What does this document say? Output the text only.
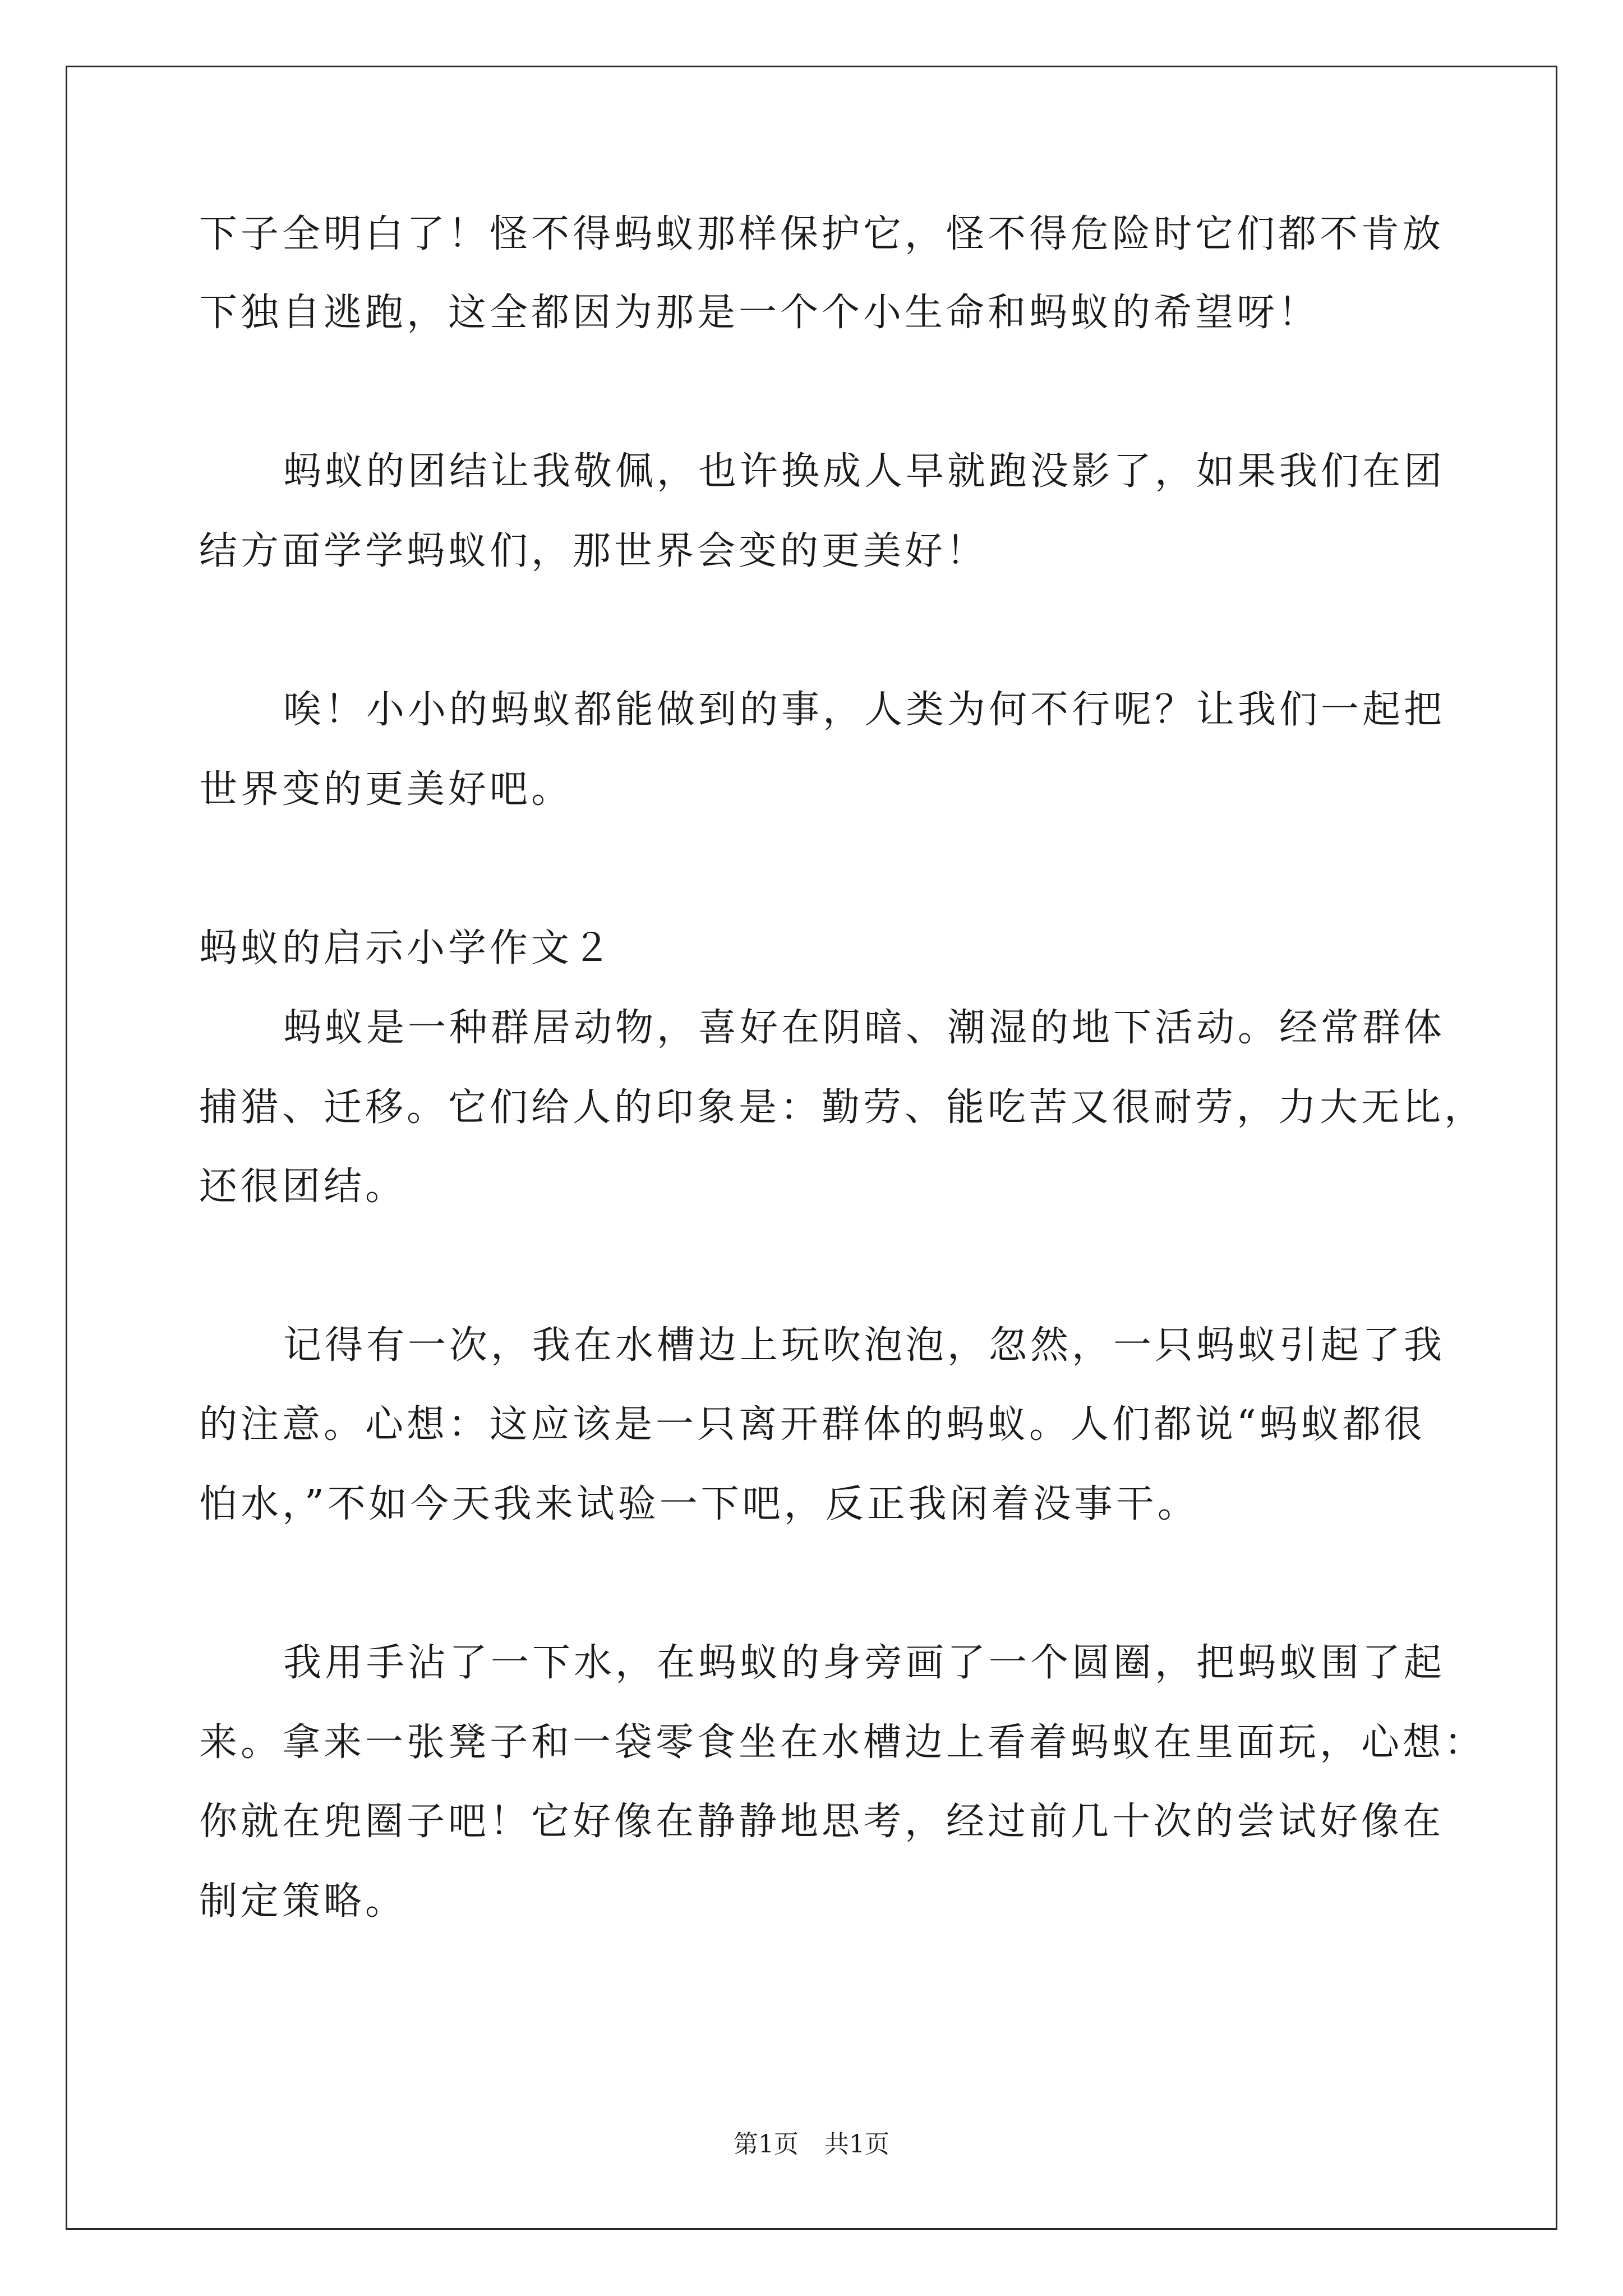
下子全明白了！怪不得蚂蚁那样保护它，怪不得危险时它们都不肯放
下独自逃跑，这全都因为那是一个个小生命和蚂蚁的希望呀！
蚂蚁的团结让我敬佩，也许换成人早就跑没影了，如果我们在团
结方面学学蚂蚁们，那世界会变的更美好！
唉！小小的蚂蚁都能做到的事，人类为何不行呢？让我们一起把
世界变的更美好吧。
蚂蚁的启示小学作文２
蚂蚁是一种群居动物，喜好在阴暗、潮湿的地下活动。经常群体
捕猎、迁移。它们给人的印象是：勤劳、能吃苦又很耐劳，力大无比，
还很团结。
记得有一次，我在水槽边上玩吹泡泡，忽然，一只蚂蚁引起了我
的注意。心想：这应该是一只离开群体的蚂蚁。人们都说“蚂蚁都很
怕水，”不如今天我来试验一下吧，反正我闲着没事干。
我用手沾了一下水，在蚂蚁的身旁画了一个圆圈，把蚂蚁围了起
来。拿来一张凳子和一袋零食坐在水槽边上看着蚂蚁在里面玩，心想：
你就在兜圈子吧！它好像在静静地思考，经过前几十次的尝试好像在
制定策略。
第1页 共1页
